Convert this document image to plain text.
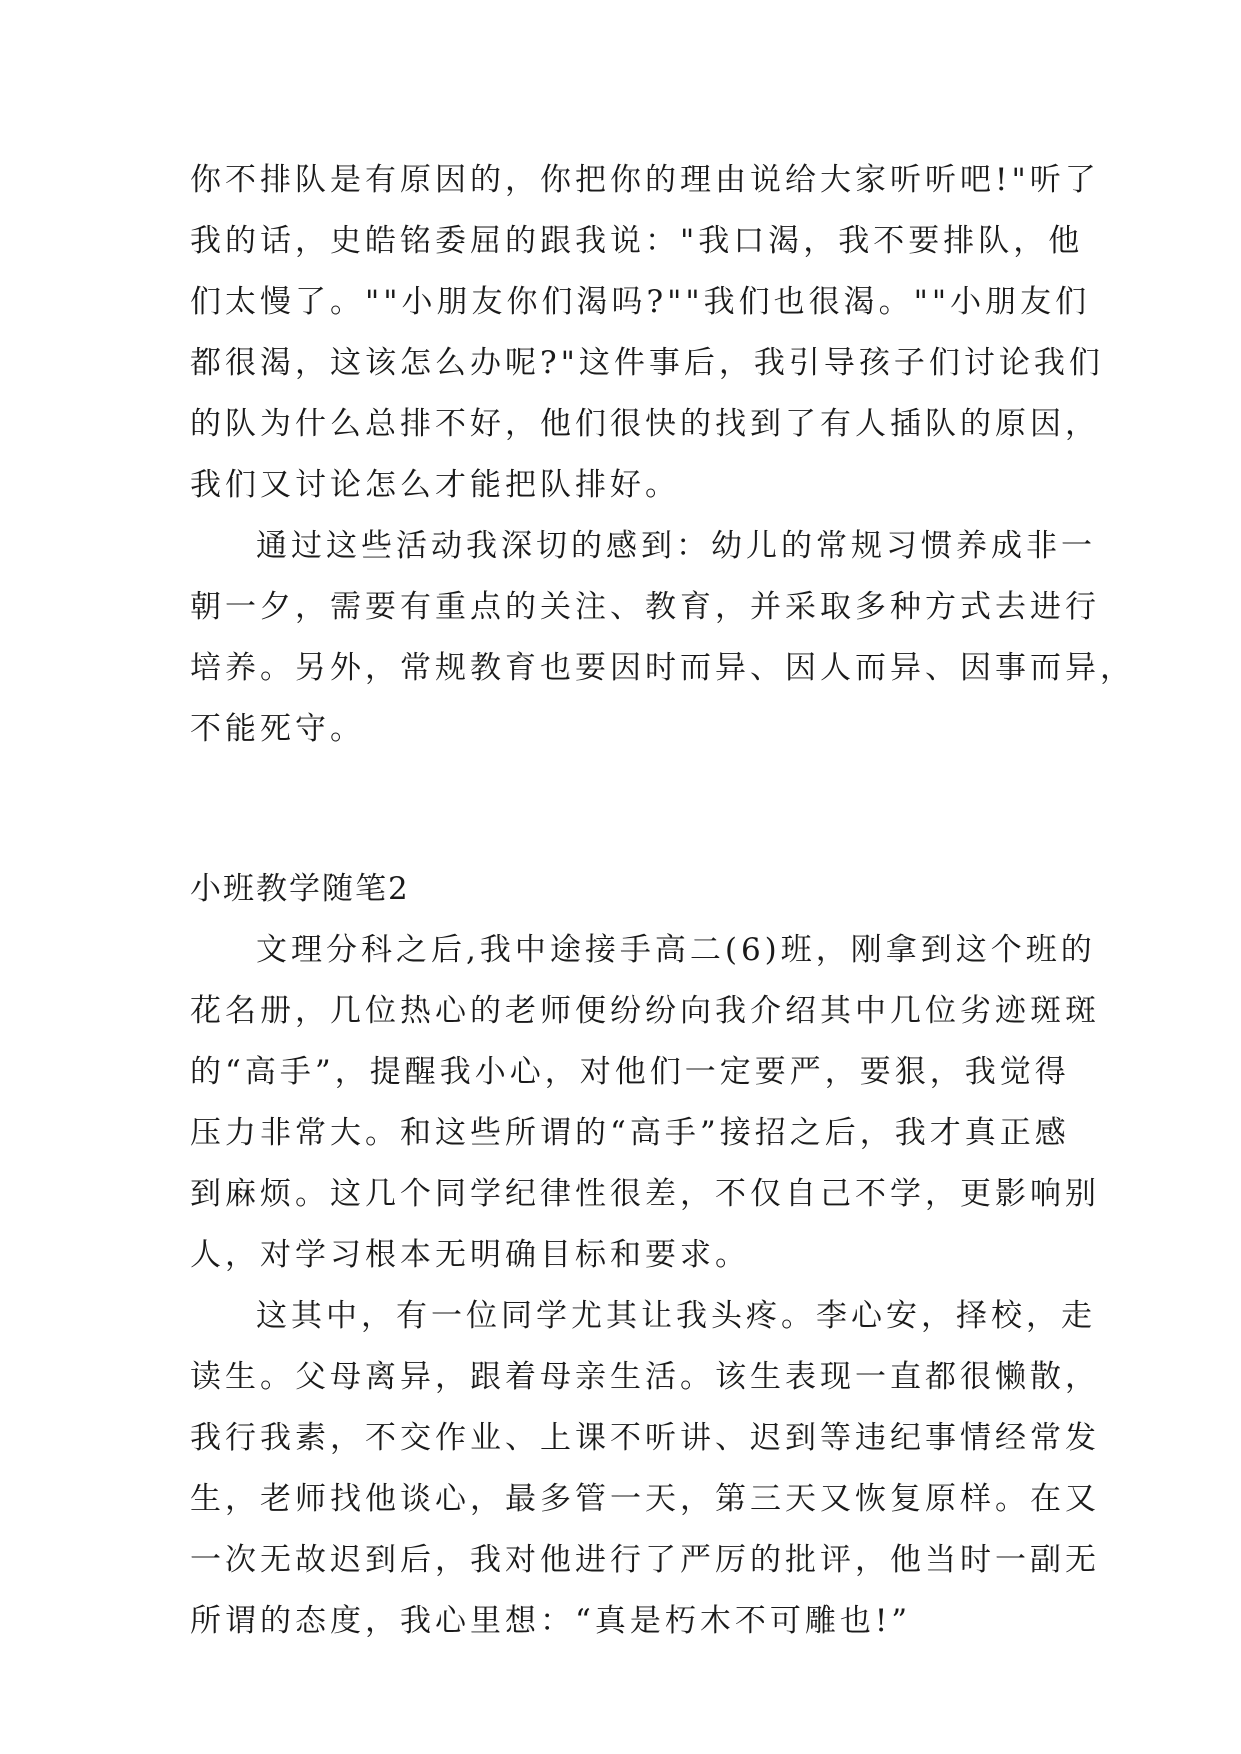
你不排队是有原因的，你把你的理由说给大家听听吧!"听了
我的话，史皓铭委屈的跟我说："我口渴，我不要排队，他
们太慢了。""小朋友你们渴吗?""我们也很渴。""小朋友们
都很渴，这该怎么办呢?"这件事后，我引导孩子们讨论我们
的队为什么总排不好，他们很快的找到了有人插队的原因，
我们又讨论怎么才能把队排好。
通过这些活动我深切的感到：幼儿的常规习惯养成非一
朝一夕，需要有重点的关注、教育，并采取多种方式去进行
培养。另外，常规教育也要因时而异、因人而异、因事而异，
不能死守。
小班教学随笔2
文理分科之后,我中途接手高二(6)班，刚拿到这个班的
花名册，几位热心的老师便纷纷向我介绍其中几位劣迹斑斑
的“高手”，提醒我小心，对他们一定要严，要狠，我觉得
压力非常大。和这些所谓的“高手”接招之后，我才真正感
到麻烦。这几个同学纪律性很差，不仅自己不学，更影响别
人，对学习根本无明确目标和要求。
这其中，有一位同学尤其让我头疼。李心安，择校，走
读生。父母离异，跟着母亲生活。该生表现一直都很懒散，
我行我素，不交作业、上课不听讲、迟到等违纪事情经常发
生，老师找他谈心，最多管一天，第三天又恢复原样。在又
一次无故迟到后，我对他进行了严厉的批评，他当时一副无
所谓的态度，我心里想：“真是朽木不可雕也!”
